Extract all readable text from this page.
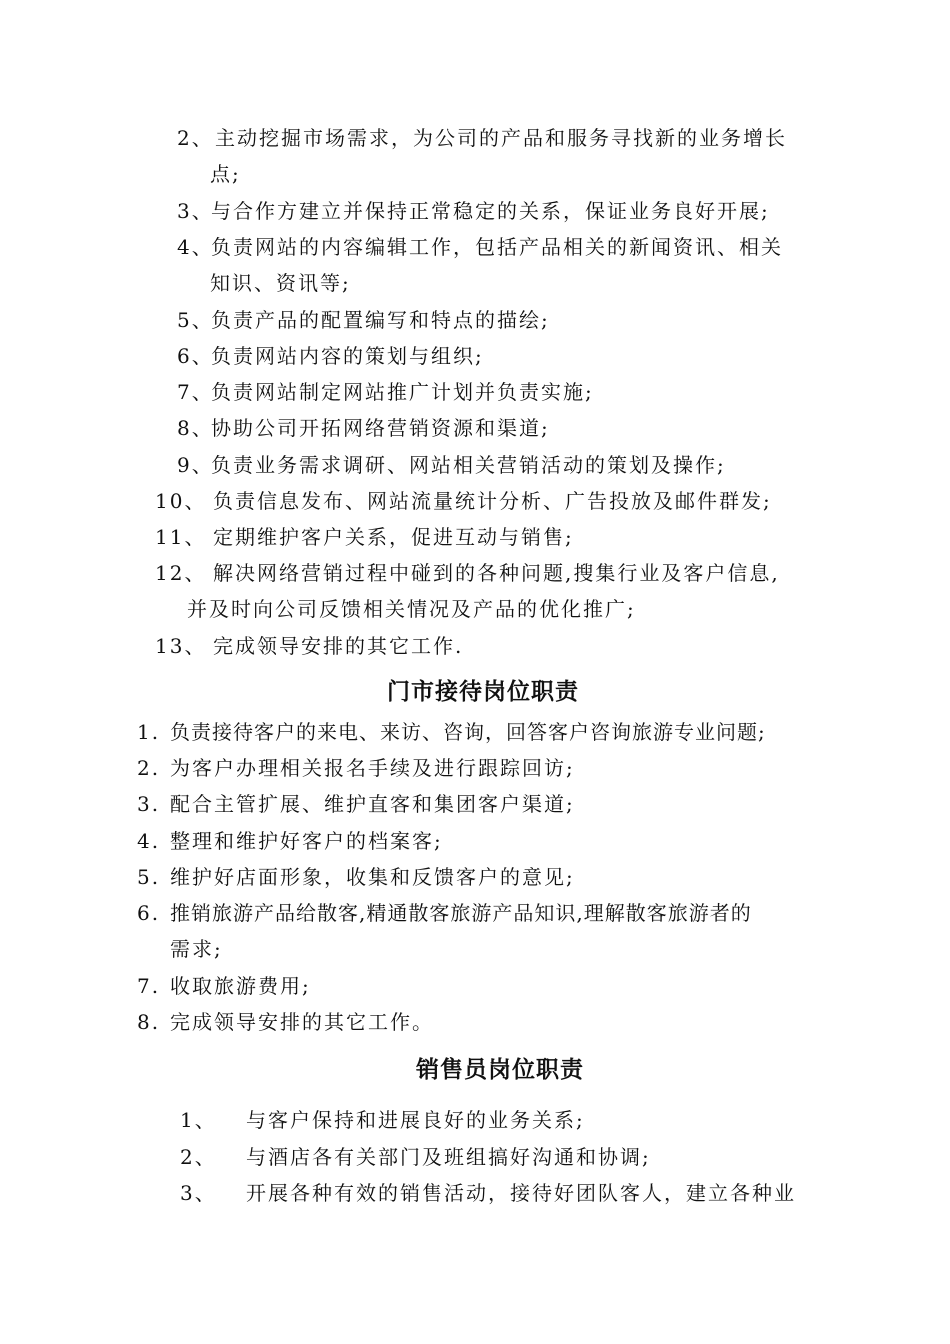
2、主动挖掘市场需求，为公司的产品和服务寻找新的业务增长
点;
3、与合作方建立并保持正常稳定的关系，保证业务良好开展;
4、负责网站的内容编辑工作，包括产品相关的新闻资讯、相关
知识、资讯等;
5、负责产品的配置编写和特点的描绘;
6、负责网站内容的策划与组织;
7、负责网站制定网站推广计划并负责实施;
8、协助公司开拓网络营销资源和渠道;
9、负责业务需求调研、网站相关营销活动的策划及操作;
10、 负责信息发布、网站流量统计分析、广告投放及邮件群发;
11、 定期维护客户关系，促进互动与销售;
12、 解决网络营销过程中碰到的各种问题,搜集行业及客户信息,
并及时向公司反馈相关情况及产品的优化推广;
13、 完成领导安排的其它工作.
门市接待岗位职责
1. 负责接待客户的来电、来访、咨询，回答客户咨询旅游专业问题;
2. 为客户办理相关报名手续及进行跟踪回访;
3. 配合主管扩展、维护直客和集团客户渠道;
4. 整理和维护好客户的档案客;
5. 维护好店面形象，收集和反馈客户的意见;
6. 推销旅游产品给散客,精通散客旅游产品知识,理解散客旅游者的
需求;
7. 收取旅游费用;
8. 完成领导安排的其它工作。
销售员岗位职责
1、 与客户保持和进展良好的业务关系;
2、 与酒店各有关部门及班组搞好沟通和协调;
3、 开展各种有效的销售活动，接待好团队客人，建立各种业
